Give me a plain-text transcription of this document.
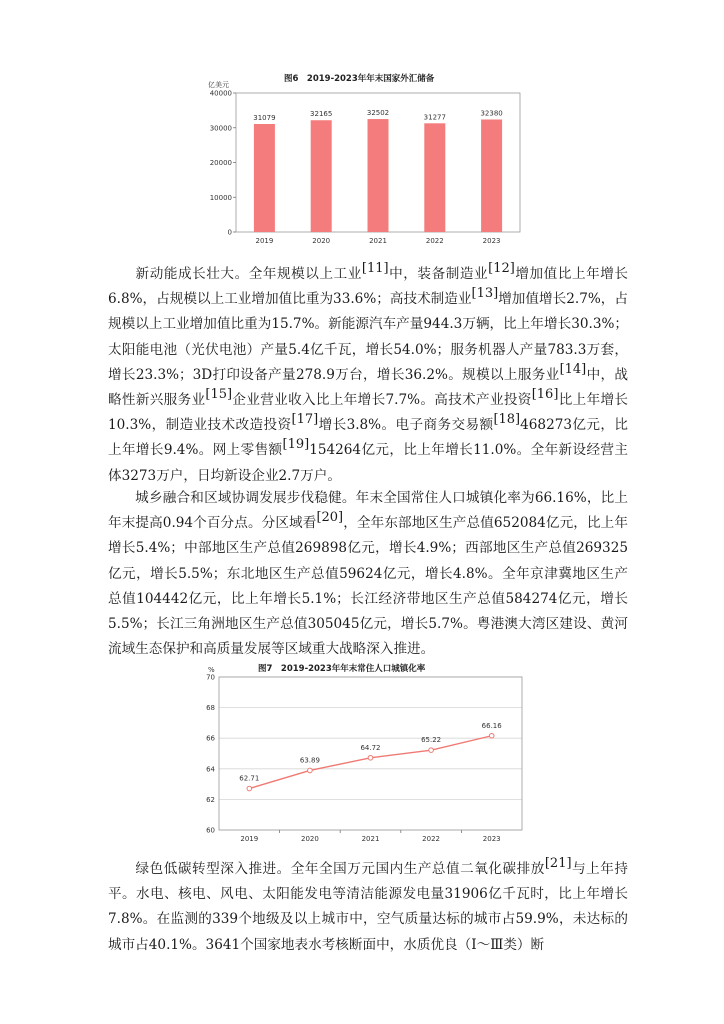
图6　2019-2023年年末国家外汇储备
亿美元
0
10000
20000
30000
40000
31079
2019
32165
2020
32502
2021
31277
2022
32380
2023

新动能成长壮大。全年规模以上工业[11]中，装备制造业[12]增加值比上年增长6.8%，占规模以上工业增加值比重为33.6%；高技术制造业[13]增加值增长2.7%，占规模以上工业增加值比重为15.7%。新能源汽车产量944.3万辆，比上年增长30.3%；太阳能电池（光伏电池）产量5.4亿千瓦，增长54.0%；服务机器人产量783.3万套，增长23.3%；3D打印设备产量278.9万台，增长36.2%。规模以上服务业[14]中，战略性新兴服务业[15]企业营业收入比上年增长7.7%。高技术产业投资[16]比上年增长10.3%，制造业技术改造投资[17]增长3.8%。电子商务交易额[18]468273亿元，比上年增长9.4%。网上零售额[19]154264亿元，比上年增长11.0%。全年新设经营主体3273万户，日均新设企业2.7万户。

城乡融合和区域协调发展步伐稳健。年末全国常住人口城镇化率为66.16%，比上年末提高0.94个百分点。分区域看[20]，全年东部地区生产总值652084亿元，比上年增长5.4%；中部地区生产总值269898亿元，增长4.9%；西部地区生产总值269325亿元，增长5.5%；东北地区生产总值59624亿元，增长4.8%。全年京津冀地区生产总值104442亿元，比上年增长5.1%；长江经济带地区生产总值584274亿元，增长5.5%；长江三角洲地区生产总值305045亿元，增长5.7%。粤港澳大湾区建设、黄河流域生态保护和高质量发展等区域重大战略深入推进。

图7　2019-2023年年末常住人口城镇化率
%
60
62
64
66
68
70
62.71
2019
63.89
2020
64.72
2021
65.22
2022
66.16
2023

绿色低碳转型深入推进。全年全国万元国内生产总值二氧化碳排放[21]与上年持平。水电、核电、风电、太阳能发电等清洁能源发电量31906亿千瓦时，比上年增长7.8%。在监测的339个地级及以上城市中，空气质量达标的城市占59.9%，未达标的城市占40.1%。3641个国家地表水考核断面中，水质优良（Ⅰ～Ⅲ类）断
